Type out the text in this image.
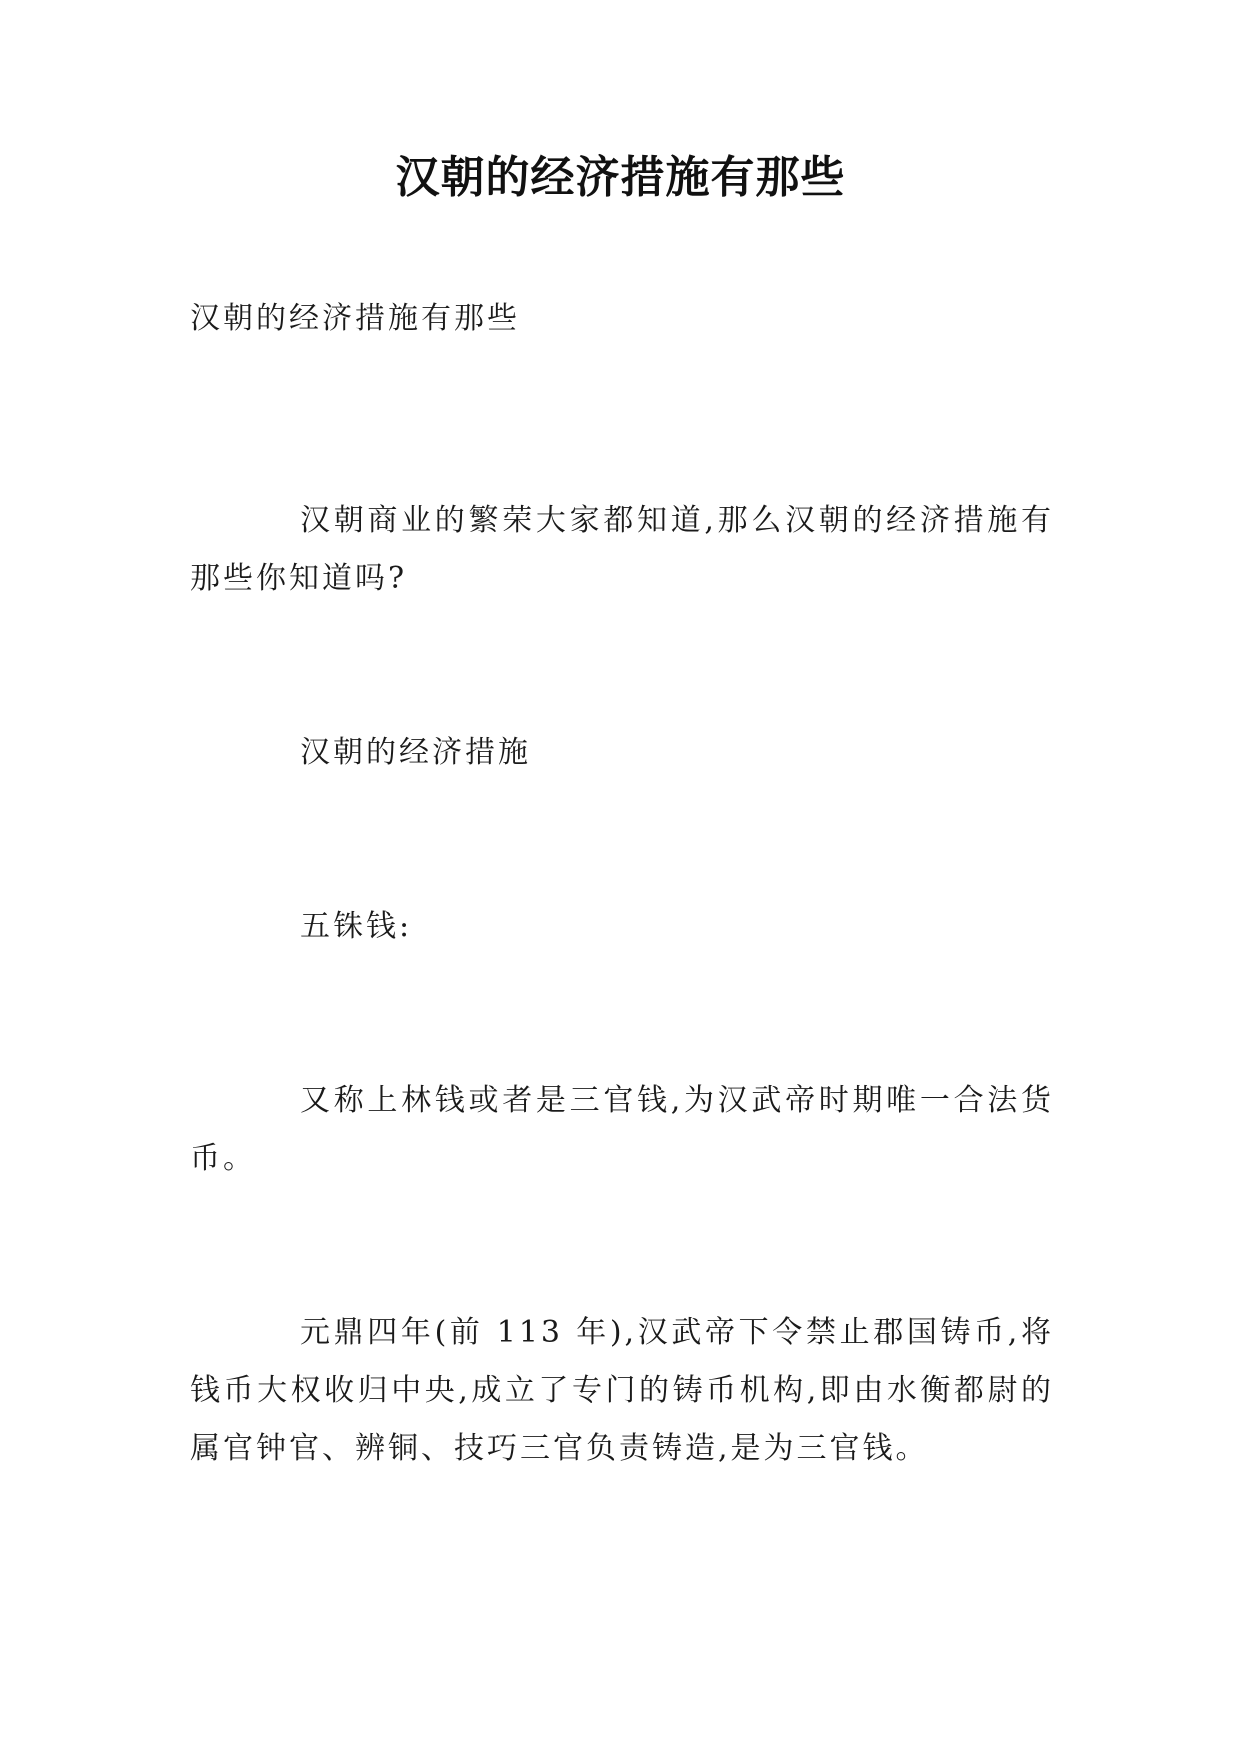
汉朝的经济措施有那些

汉朝的经济措施有那些

汉朝商业的繁荣大家都知道,那么汉朝的经济措施有那些你知道吗?

汉朝的经济措施

五铢钱:

又称上林钱或者是三官钱,为汉武帝时期唯一合法货币。

元鼎四年(前 113 年),汉武帝下令禁止郡国铸币,将钱币大权收归中央,成立了专门的铸币机构,即由水衡都尉的属官钟官、辨铜、技巧三官负责铸造,是为三官钱。
